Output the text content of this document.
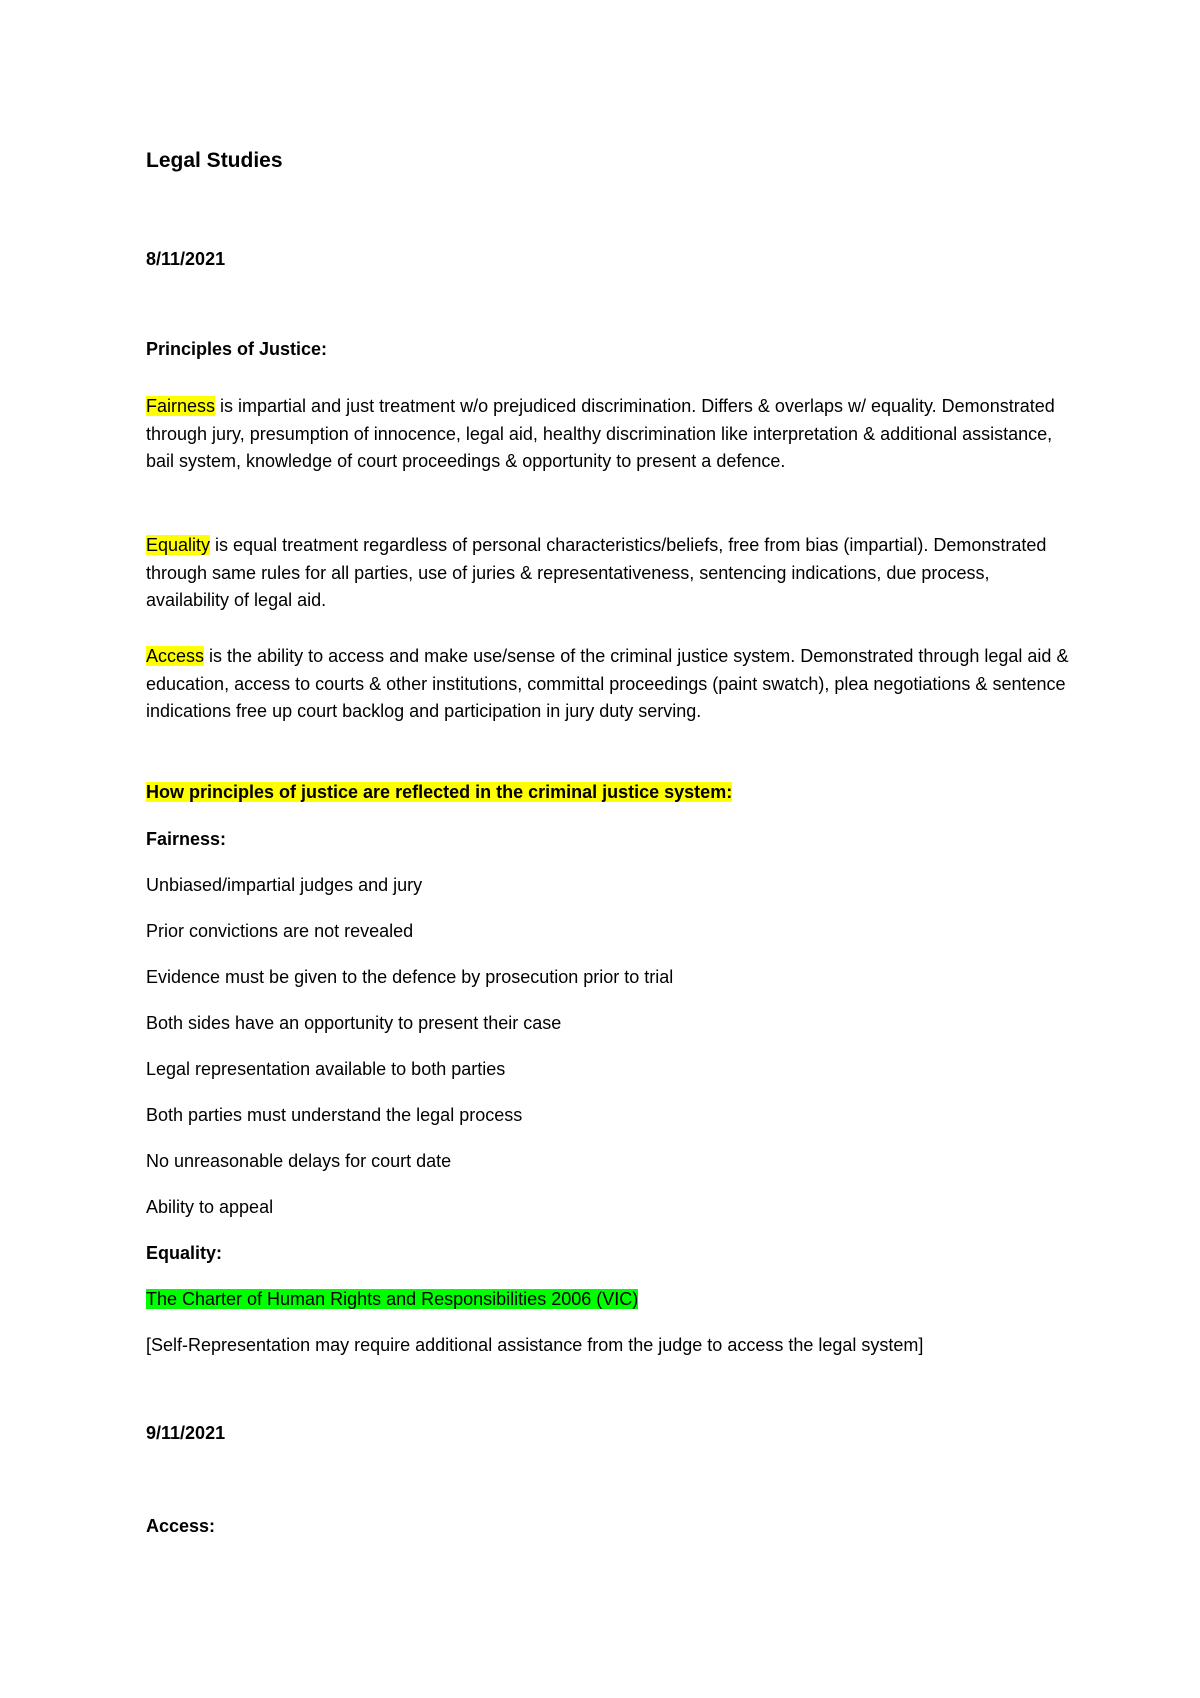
Legal Studies
8/11/2021
Principles of Justice:
Fairness is impartial and just treatment w/o prejudiced discrimination. Differs & overlaps w/ equality. Demonstrated through jury, presumption of innocence, legal aid, healthy discrimination like interpretation & additional assistance, bail system, knowledge of court proceedings & opportunity to present a defence.
Equality is equal treatment regardless of personal characteristics/beliefs, free from bias (impartial). Demonstrated through same rules for all parties, use of juries & representativeness, sentencing indications, due process, availability of legal aid.
Access is the ability to access and make use/sense of the criminal justice system. Demonstrated through legal aid & education, access to courts & other institutions, committal proceedings (paint swatch), plea negotiations & sentence indications free up court backlog and participation in jury duty serving.
How principles of justice are reflected in the criminal justice system:
Fairness:
Unbiased/impartial judges and jury
Prior convictions are not revealed
Evidence must be given to the defence by prosecution prior to trial
Both sides have an opportunity to present their case
Legal representation available to both parties
Both parties must understand the legal process
No unreasonable delays for court date
Ability to appeal
Equality:
The Charter of Human Rights and Responsibilities 2006 (VIC)
[Self-Representation may require additional assistance from the judge to access the legal system]
9/11/2021
Access:
